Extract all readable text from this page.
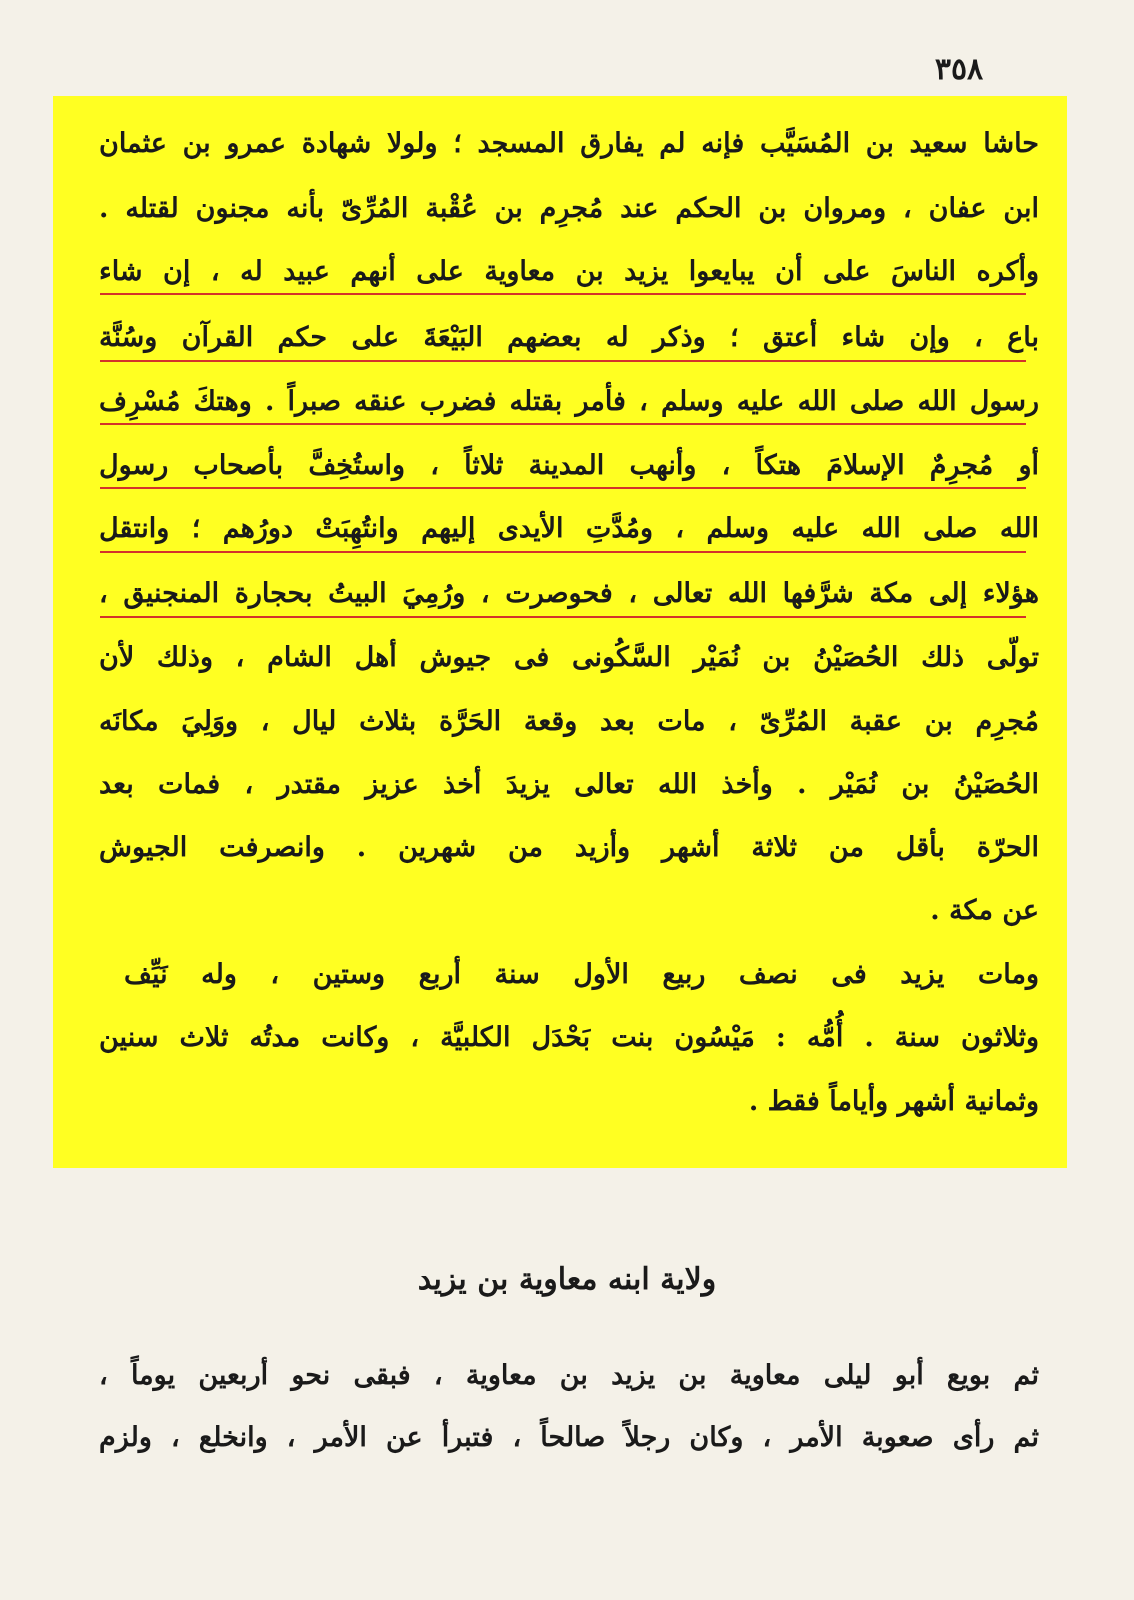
٣٥٨
حاشا سعيد بن المُسَيَّب فإنه لم يفارق المسجد ؛ ولولا شهادة عمرو بن عثمان
ابن عفان ، ومروان بن الحكم عند مُجرِم بن عُقْبة المُرِّىّ بأنه مجنون لقتله .
وأكره الناسَ على أن يبايعوا يزيد بن معاوية على أنهم عبيد له ، إن شاء
باع ، وإن شاء أعتق ؛ وذكر له بعضهم البَيْعَةَ على حكم القرآن وسُنَّة
رسول الله صلى الله عليه وسلم ، فأمر بقتله فضرب عنقه صبراً . وهتكَ مُسْرِف
أو مُجرِمٌ الإسلامَ هتكاً ، وأنهب المدينة ثلاثاً ، واستُخِفَّ بأصحاب رسول
الله صلى الله عليه وسلم ، ومُدَّتِ الأيدى إليهم وانتُهِبَتْ دورُهم ؛ وانتقل
هؤلاء إلى مكة شرَّفها الله تعالى ، فحوصرت ، ورُمِيَ البيتُ بحجارة المنجنيق ،
تولّى ذلك الحُصَيْنُ بن نُمَيْر السَّكُونى فى جيوش أهل الشام ، وذلك لأن
مُجرِم بن عقبة المُرِّىّ ، مات بعد وقعة الحَرَّة بثلاث ليال ، ووَلِيَ مكانَه
الحُصَيْنُ بن نُمَيْر . وأخذ الله تعالى يزيدَ أخذ عزيز مقتدر ، فمات بعد
الحرّة بأقل من ثلاثة أشهر وأزيد من شهرين . وانصرفت الجيوش
عن مكة .
ومات يزيد فى نصف ربيع الأول سنة أربع وستين ، وله نَيِّف
وثلاثون سنة . أُمُّه : مَيْسُون بنت بَحْدَل الكلبيَّة ، وكانت مدتُه ثلاث سنين
وثمانية أشهر وأياماً فقط .
ولاية ابنه معاوية بن يزيد
ثم بويع أبو ليلى معاوية بن يزيد بن معاوية ، فبقى نحو أربعين يوماً ،
ثم رأى صعوبة الأمر ، وكان رجلاً صالحاً ، فتبرأ عن الأمر ، وانخلع ، ولزم
